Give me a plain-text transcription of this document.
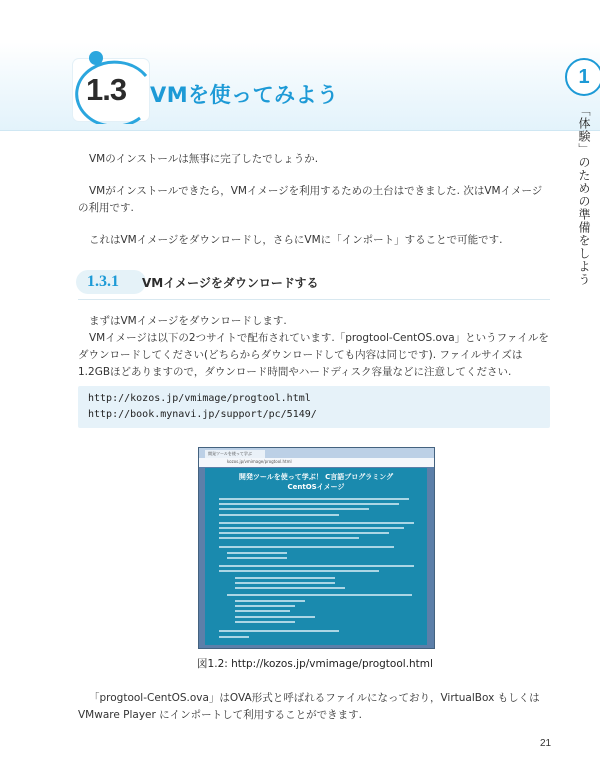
1.3 VMを使ってみよう
1
「体験」のための準備をしよう

VMのインストールは無事に完了したでしょうか.

VMがインストールできたら，VMイメージを利用するための土台はできました. 次はVMイメージの利用です.

これはVMイメージをダウンロードし，さらにVMに「インポート」することで可能です.

1.3.1 VMイメージをダウンロードする

まずはVMイメージをダウンロードします.

VMイメージは以下の2つサイトで配布されています.「progtool-CentOS.ova」というファイルをダウンロードしてください(どちらからダウンロードしても内容は同じです). ファイルサイズは1.2GBほどありますので，ダウンロード時間やハードディスク容量などに注意してください.

http://kozos.jp/vmimage/progtool.html
http://book.mynavi.jp/support/pc/5149/
開発ツールを使って学ぶ
kozos.jp/vmimage/progtool.html
開発ツールを使って学ぶ！ C言語プログラミング
CentOSイメージ
図1.2: http://kozos.jp/vmimage/progtool.html

「progtool-CentOS.ova」はOVA形式と呼ばれるファイルになっており，VirtualBox もしくは VMware Player にインポートして利用することができます.

21
